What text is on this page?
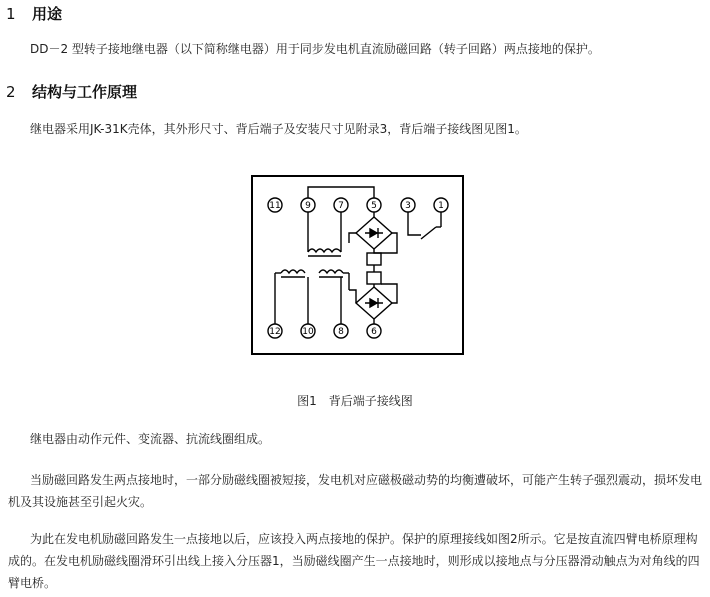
1 用途
DD－2 型转子接地继电器（以下简称继电器）用于同步发电机直流励磁回路（转子回路）两点接地的保护。
2 结构与工作原理
继电器采用JK-31K壳体，其外形尺寸、背后端子及安装尺寸见附录3，背后端子接线图见图1。
11	9	7	5	3	1
12 10	8	6
图1　背后端子接线图
继电器由动作元件、变流器、抗流线圈组成。
当励磁回路发生两点接地时，一部分励磁线圈被短接，发电机对应磁极磁动势的均衡遭破坏，可能产生转子强烈震动，损坏发电机及其设施甚至引起火灾。
为此在发电机励磁回路发生一点接地以后，应该投入两点接地的保护。保护的原理接线如图2所示。它是按直流四臂电桥原理构成的。在发电机励磁线圈滑环引出线上接入分压器1，当励磁线圈产生一点接地时，则形成以接地点与分压器滑动触点为对角线的四臂电桥。
